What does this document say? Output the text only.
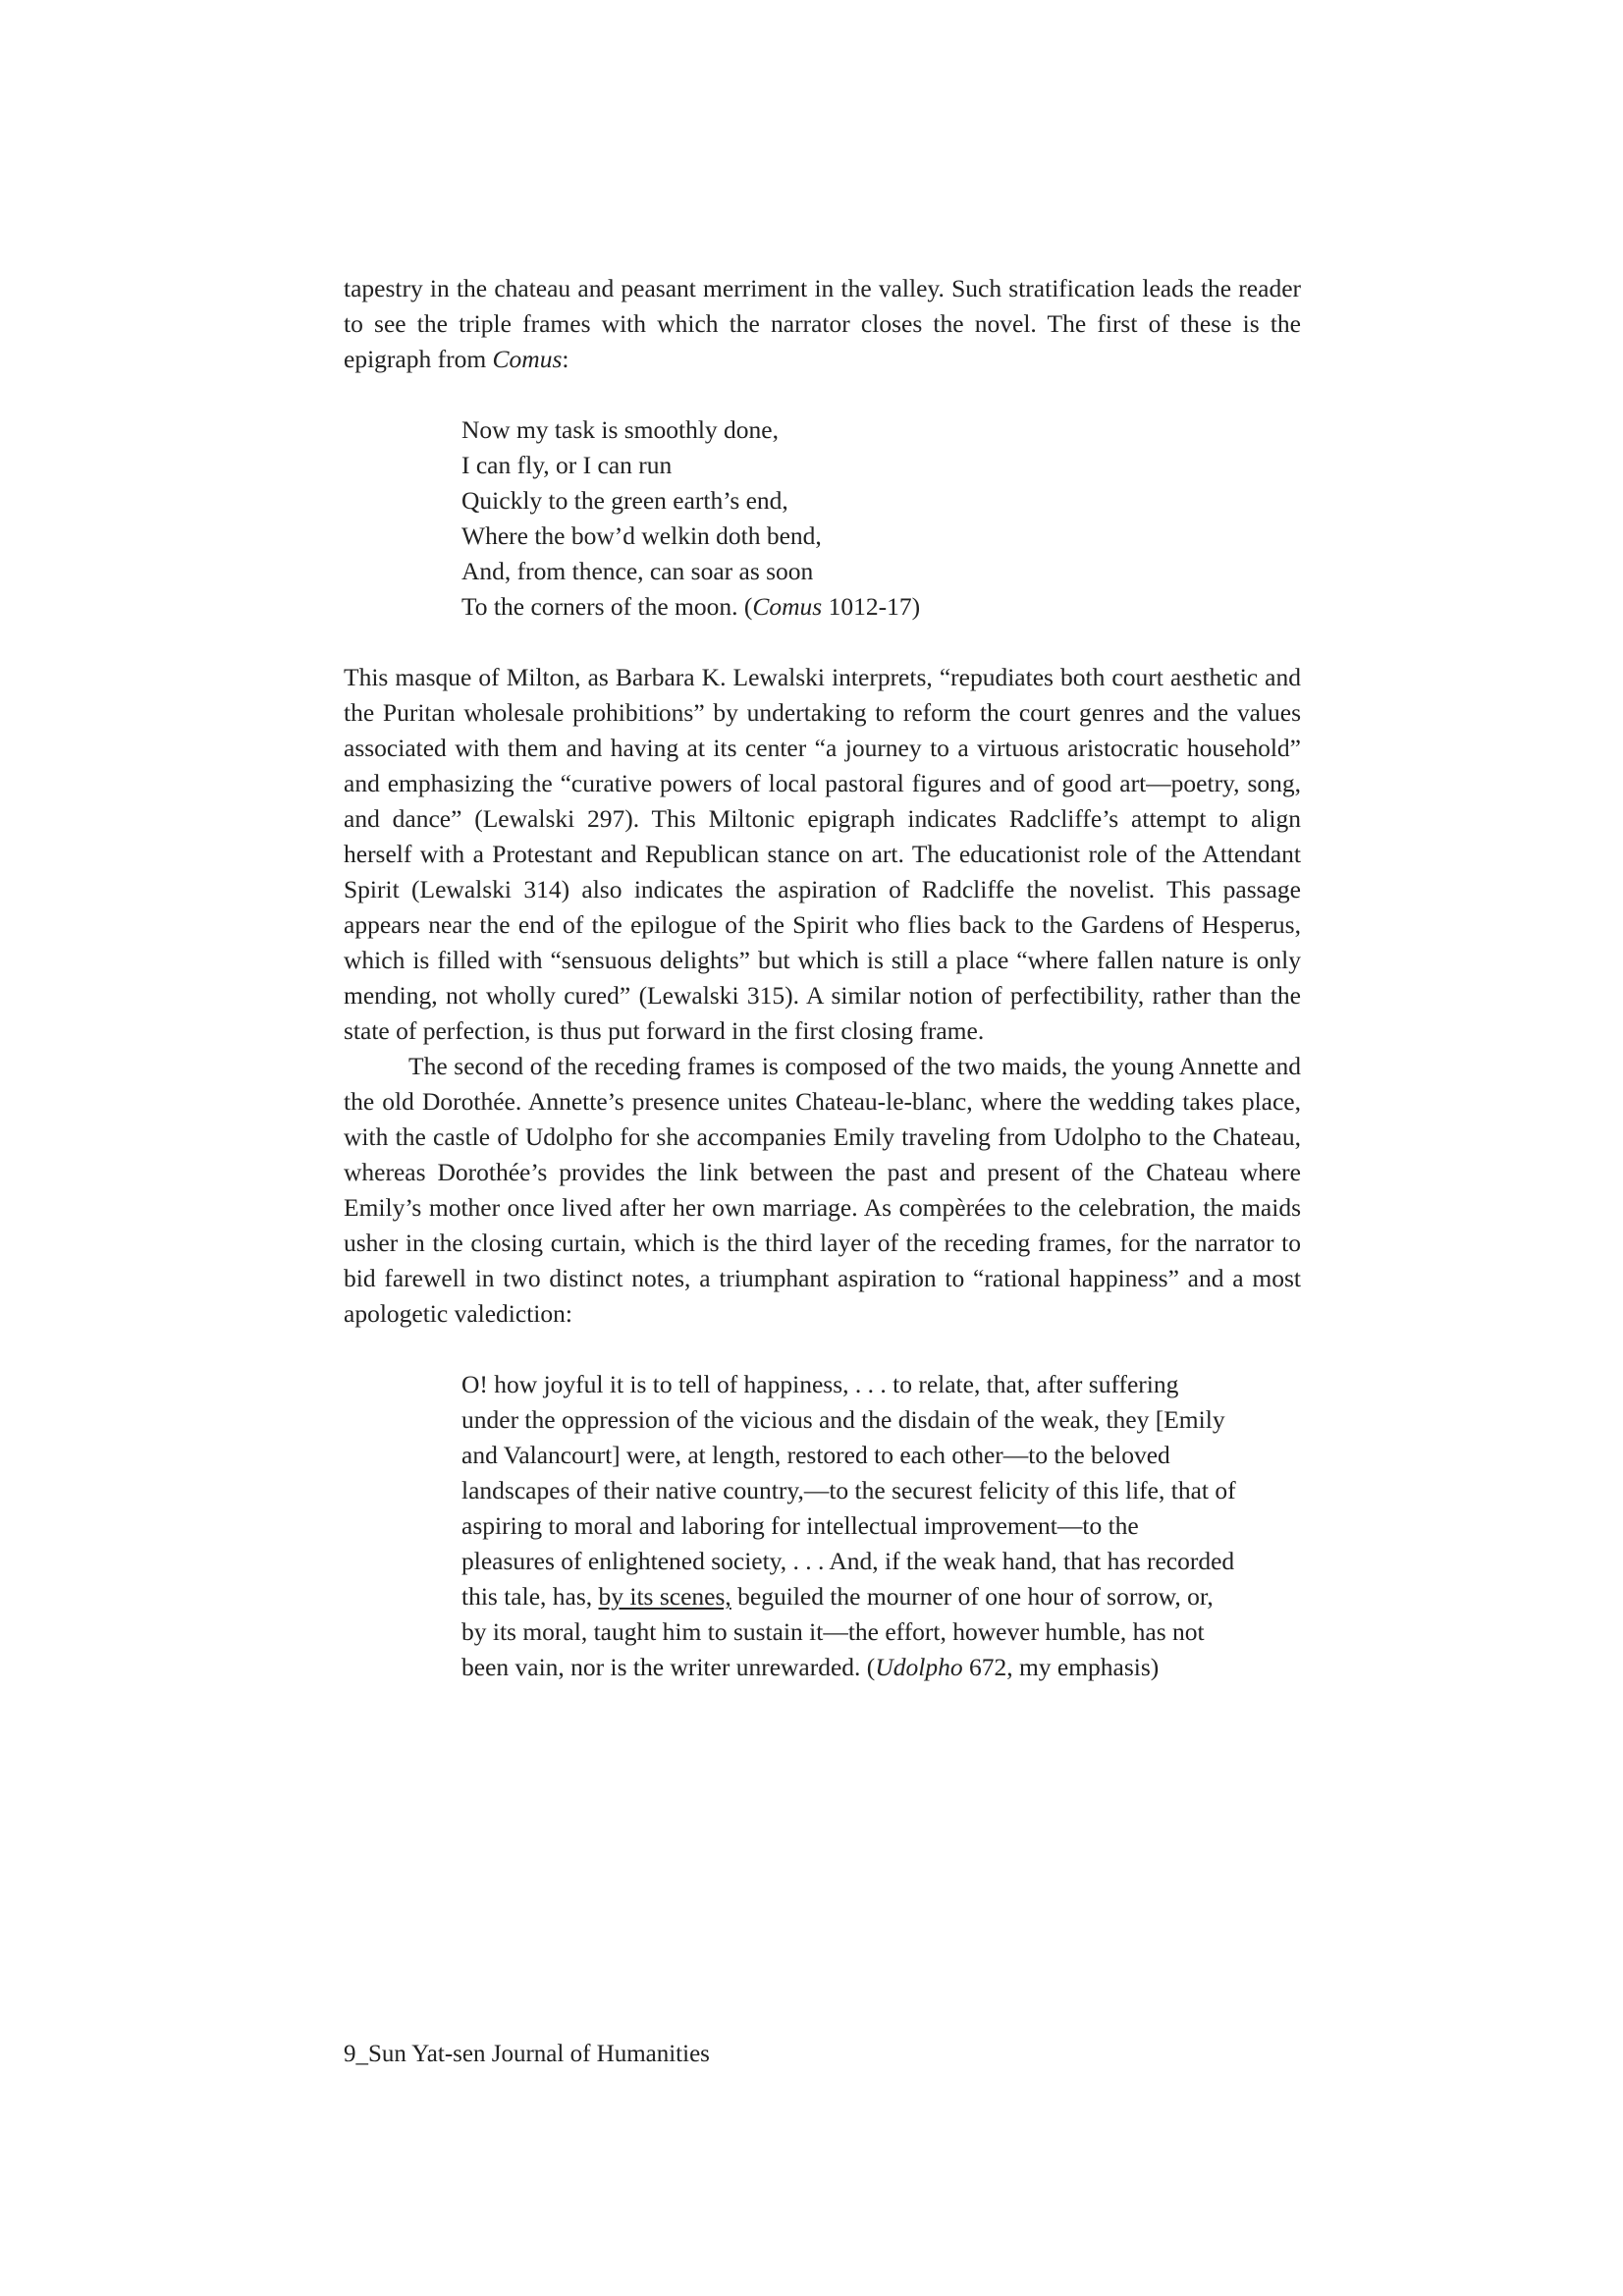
tapestry in the chateau and peasant merriment in the valley. Such stratification leads the reader to see the triple frames with which the narrator closes the novel. The first of these is the epigraph from Comus:

Now my task is smoothly done,
I can fly, or I can run
Quickly to the green earth’s end,
Where the bow’d welkin doth bend,
And, from thence, can soar as soon
To the corners of the moon. (Comus 1012-17)

This masque of Milton, as Barbara K. Lewalski interprets, “repudiates both court aesthetic and the Puritan wholesale prohibitions” by undertaking to reform the court genres and the values associated with them and having at its center “a journey to a virtuous aristocratic household” and emphasizing the “curative powers of local pastoral figures and of good art—poetry, song, and dance” (Lewalski 297). This Miltonic epigraph indicates Radcliffe’s attempt to align herself with a Protestant and Republican stance on art. The educationist role of the Attendant Spirit (Lewalski 314) also indicates the aspiration of Radcliffe the novelist. This passage appears near the end of the epilogue of the Spirit who flies back to the Gardens of Hesperus, which is filled with “sensuous delights” but which is still a place “where fallen nature is only mending, not wholly cured” (Lewalski 315). A similar notion of perfectibility, rather than the state of perfection, is thus put forward in the first closing frame.

The second of the receding frames is composed of the two maids, the young Annette and the old Dorothée. Annette’s presence unites Chateau-le-blanc, where the wedding takes place, with the castle of Udolpho for she accompanies Emily traveling from Udolpho to the Chateau, whereas Dorothée’s provides the link between the past and present of the Chateau where Emily’s mother once lived after her own marriage. As compèrées to the celebration, the maids usher in the closing curtain, which is the third layer of the receding frames, for the narrator to bid farewell in two distinct notes, a triumphant aspiration to “rational happiness” and a most apologetic valediction:

O! how joyful it is to tell of happiness, . . . to relate, that, after suffering under the oppression of the vicious and the disdain of the weak, they [Emily and Valancourt] were, at length, restored to each other—to the beloved landscapes of their native country,—to the securest felicity of this life, that of aspiring to moral and laboring for intellectual improvement—to the pleasures of enlightened society, . . . And, if the weak hand, that has recorded this tale, has, by its scenes, beguiled the mourner of one hour of sorrow, or, by its moral, taught him to sustain it—the effort, however humble, has not been vain, nor is the writer unrewarded. (Udolpho 672, my emphasis)
9_Sun Yat-sen Journal of Humanities
